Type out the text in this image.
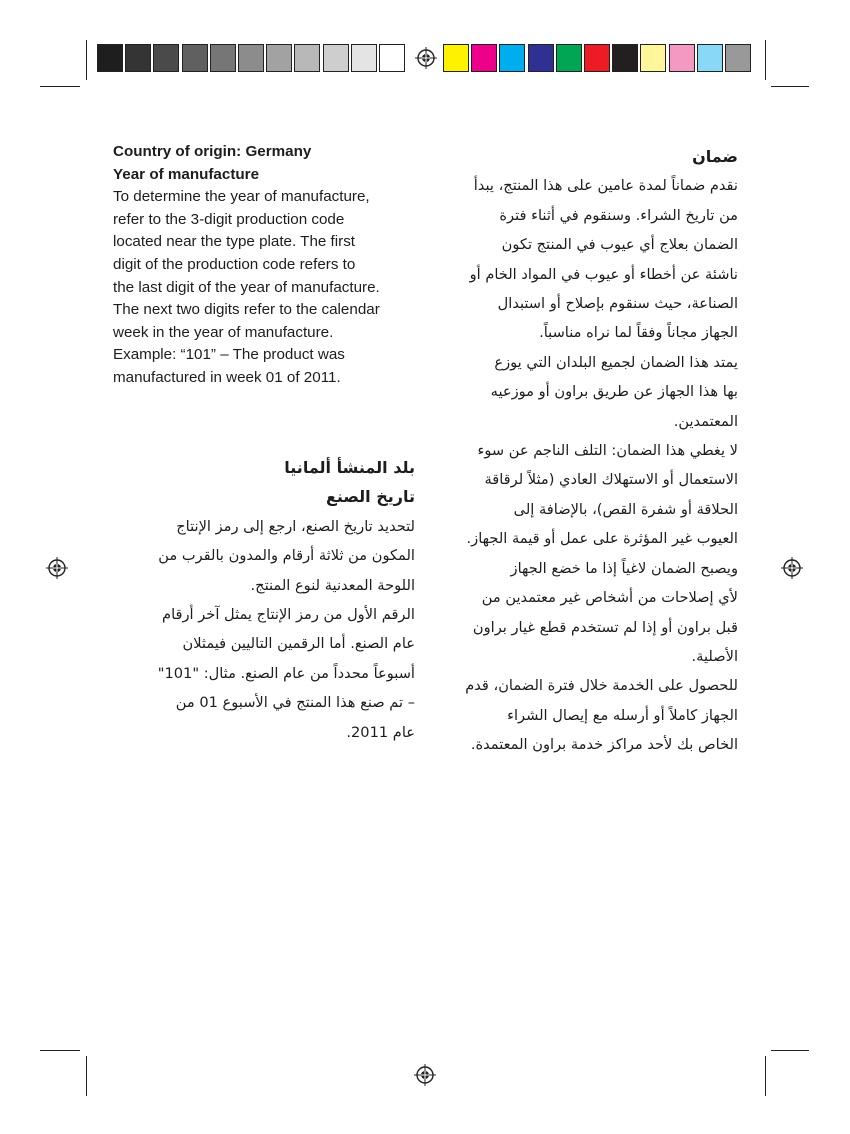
Country of origin: Germany
Year of manufacture
To determine the year of manufacture,
refer to the 3-digit production code
located near the type plate. The first
digit of the production code refers to
the last digit of the year of manufacture.
The next two digits refer to the calendar
week in the year of manufacture.
Example: “101” – The product was
manufactured in week 01 of 2011.

بلد المنشأ ألمانيا

تاريخ الصنع

لتحديد تاريخ الصنع، ارجع إلى رمز الإنتاج

المكون من ثلاثة أرقام والمدون بالقرب من

اللوحة المعدنية لنوع المنتج.

الرقم الأول من رمز الإنتاج يمثل آخر أرقام

عام الصنع. أما الرقمين التاليين فيمثلان

أسبوعاً محدداً من عام الصنع. مثال: "101"

– تم صنع هذا المنتج في الأسبوع 01 من

عام 2011.

ضمان

نقدم ضماناً لمدة عامين على هذا المنتج، يبدأ

من تاريخ الشراء. وسنقوم في أثناء فترة

الضمان بعلاج أي عيوب في المنتج تكون

ناشئة عن أخطاء أو عيوب في المواد الخام أو

الصناعة، حيث سنقوم بإصلاح أو استبدال

الجهاز مجاناً وفقاً لما نراه مناسباً.

يمتد هذا الضمان لجميع البلدان التي يوزع

بها هذا الجهاز عن طريق براون أو موزعيه

المعتمدين.

لا يغطي هذا الضمان: التلف الناجم عن سوء

الاستعمال أو الاستهلاك العادي (مثلاً لرقاقة

الحلاقة أو شفرة القص)، بالإضافة إلى

العيوب غير المؤثرة على عمل أو قيمة الجهاز.

ويصبح الضمان لاغياً إذا ما خضع الجهاز

لأي إصلاحات من أشخاص غير معتمدين من

قبل براون أو إذا لم تستخدم قطع غيار براون

الأصلية.

للحصول على الخدمة خلال فترة الضمان، قدم

الجهاز كاملاً أو أرسله مع إيصال الشراء

الخاص بك لأحد مراكز خدمة براون المعتمدة.
